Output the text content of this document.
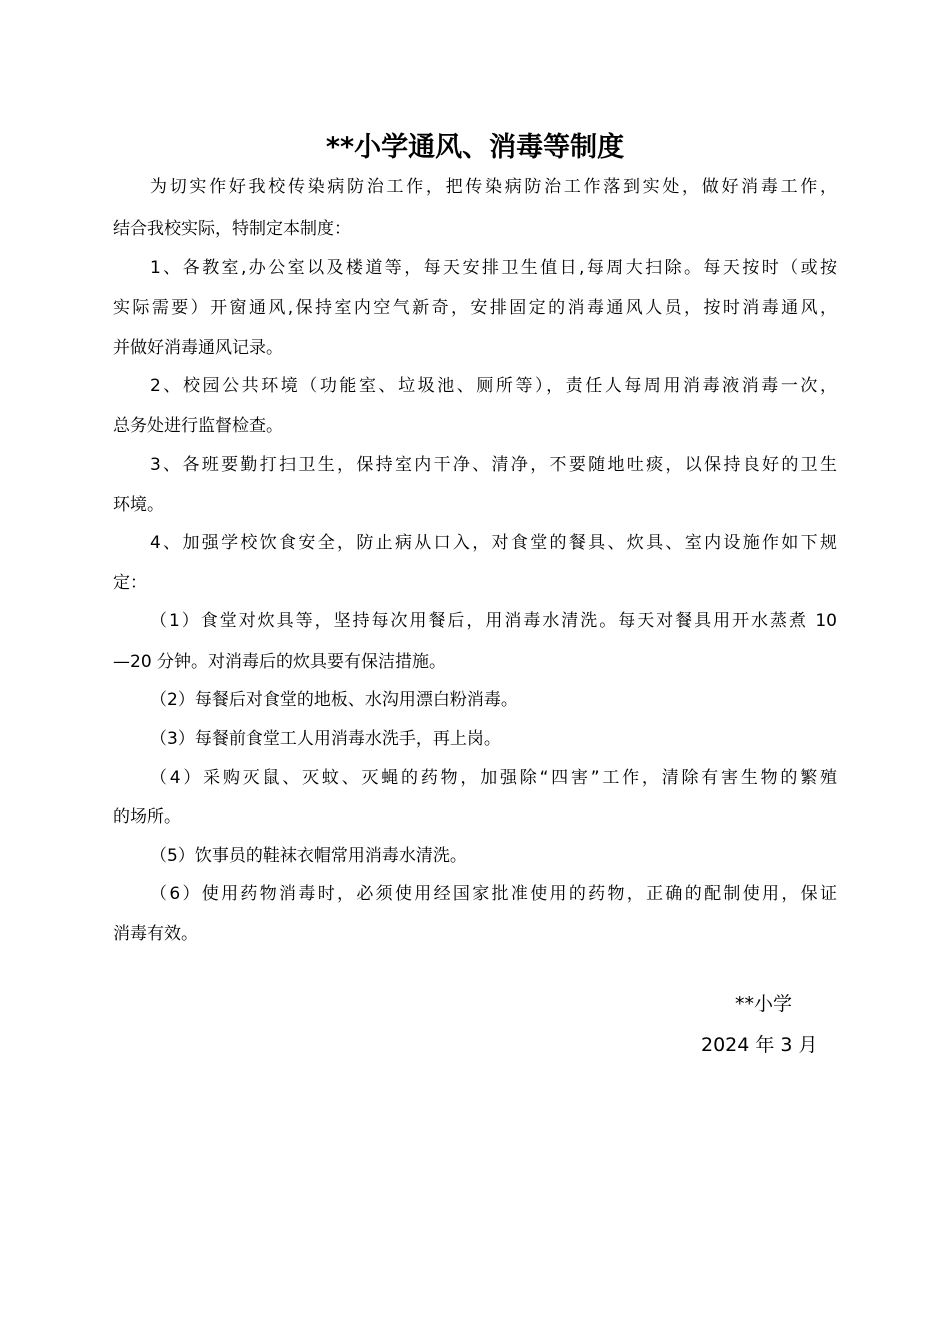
**小学通风、消毒等制度
为切实作好我校传染病防治工作，把传染病防治工作落到实处，做好消毒工作，
结合我校实际，特制定本制度：
1、各教室,办公室以及楼道等，每天安排卫生值日,每周大扫除。每天按时（或按
实际需要）开窗通风,保持室内空气新奇，安排固定的消毒通风人员，按时消毒通风，
并做好消毒通风记录。
2、校园公共环境（功能室、垃圾池、厕所等），责任人每周用消毒液消毒一次，
总务处进行监督检查。
3、各班要勤打扫卫生，保持室内干净、清净，不要随地吐痰，以保持良好的卫生
环境。
4、加强学校饮食安全，防止病从口入，对食堂的餐具、炊具、室内设施作如下规
定：
（1）食堂对炊具等，坚持每次用餐后，用消毒水清洗。每天对餐具用开水蒸煮 10
—20 分钟。对消毒后的炊具要有保洁措施。
（2）每餐后对食堂的地板、水沟用漂白粉消毒。
（3）每餐前食堂工人用消毒水洗手，再上岗。
（4）采购灭鼠、灭蚊、灭蝇的药物，加强除“四害”工作，清除有害生物的繁殖
的场所。
（5）饮事员的鞋袜衣帽常用消毒水清洗。
（6）使用药物消毒时，必须使用经国家批准使用的药物，正确的配制使用，保证
消毒有效。
**小学
2024 年 3 月
